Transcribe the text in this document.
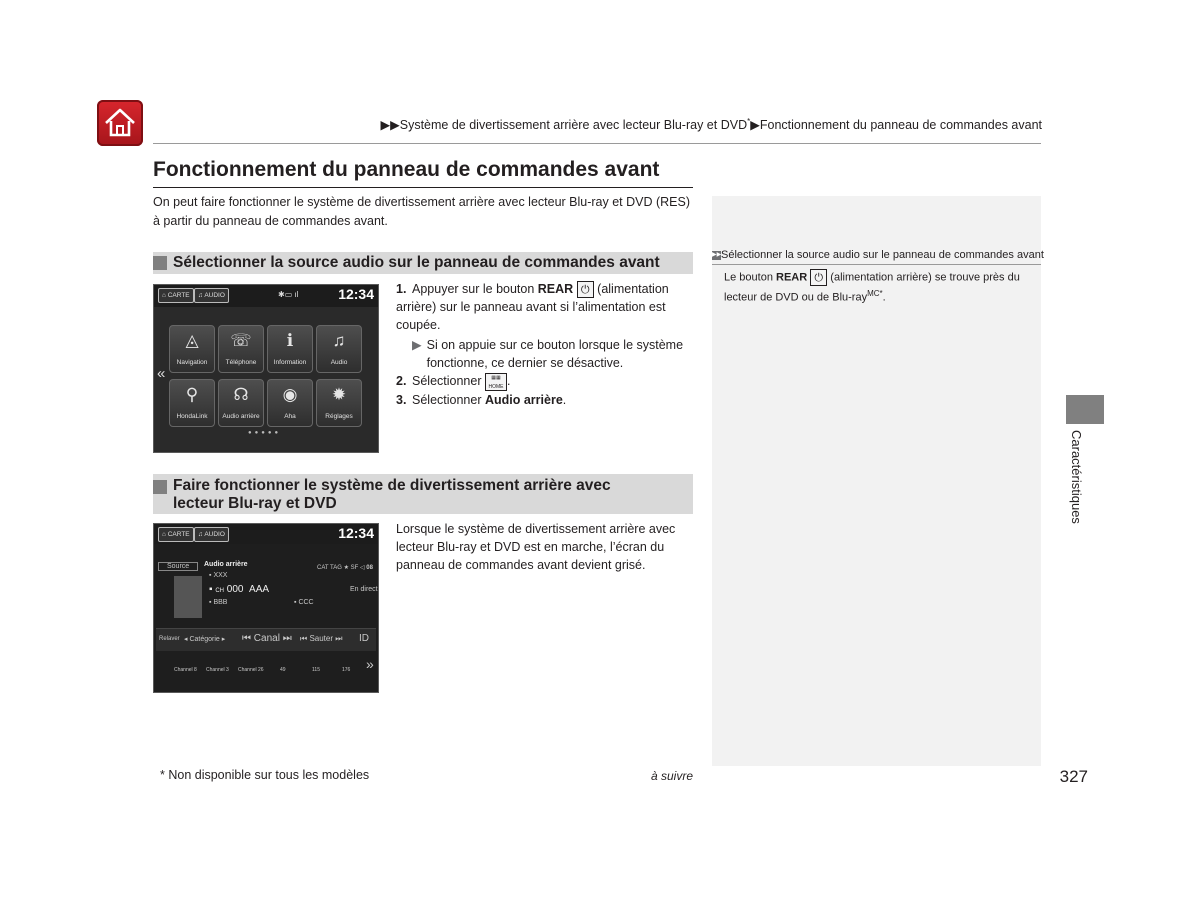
▶▶Système de divertissement arrière avec lecteur Blu-ray et DVD*▶Fonctionnement du panneau de commandes avant
Fonctionnement du panneau de commandes avant
On peut faire fonctionner le système de divertissement arrière avec lecteur Blu-ray et DVD (RES) à partir du panneau de commandes avant.
Sélectionner la source audio sur le panneau de commandes avant
⌂ CARTE	♫ AUDIO	✱▭ ıl	12:34
«
◬
Navigation
☏
Téléphone
ℹ
Information
♫
Audio
⚲
HondaLink
☊
Audio arrière
◉
Aha
✹
Réglages
●●●●●
1. Appuyer sur le bouton REAR ⏻ (alimentation arrière) sur le panneau avant si l’alimentation est coupée.
▶ Si on appuie sur ce bouton lorsque le système fonctionne, ce dernier se désactive.
2. Sélectionner ▦▦
HOME .
3. Sélectionner Audio arrière.
Faire fonctionner le système de divertissement arrière avec
lecteur Blu-ray et DVD
⌂ CARTE	♫ AUDIO	12:34
Source	Audio arrière	CAT TAG ★ SF ◁ 08
▪ XXX
▪ CH 000 AAA	En direct
▪ BBB	▪ CCC
Relaver ◂ Catégorie ▸ ⏮ Canal ⏭ ⏮ Sauter ⏭ ID
Channel 8 Channel 3 Channel 26	49	115	176 »
Lorsque le système de divertissement arrière avec lecteur Blu-ray et DVD est en marche, l’écran du panneau de commandes avant devient grisé.
▶▶Sélectionner la source audio sur le panneau de commandes avant
Le bouton REAR ⏻ (alimentation arrière) se trouve près du lecteur de DVD ou de Blu-ray$^{MC*}$.
Caractéristiques
* Non disponible sur tous les modèles	à suivre	327
